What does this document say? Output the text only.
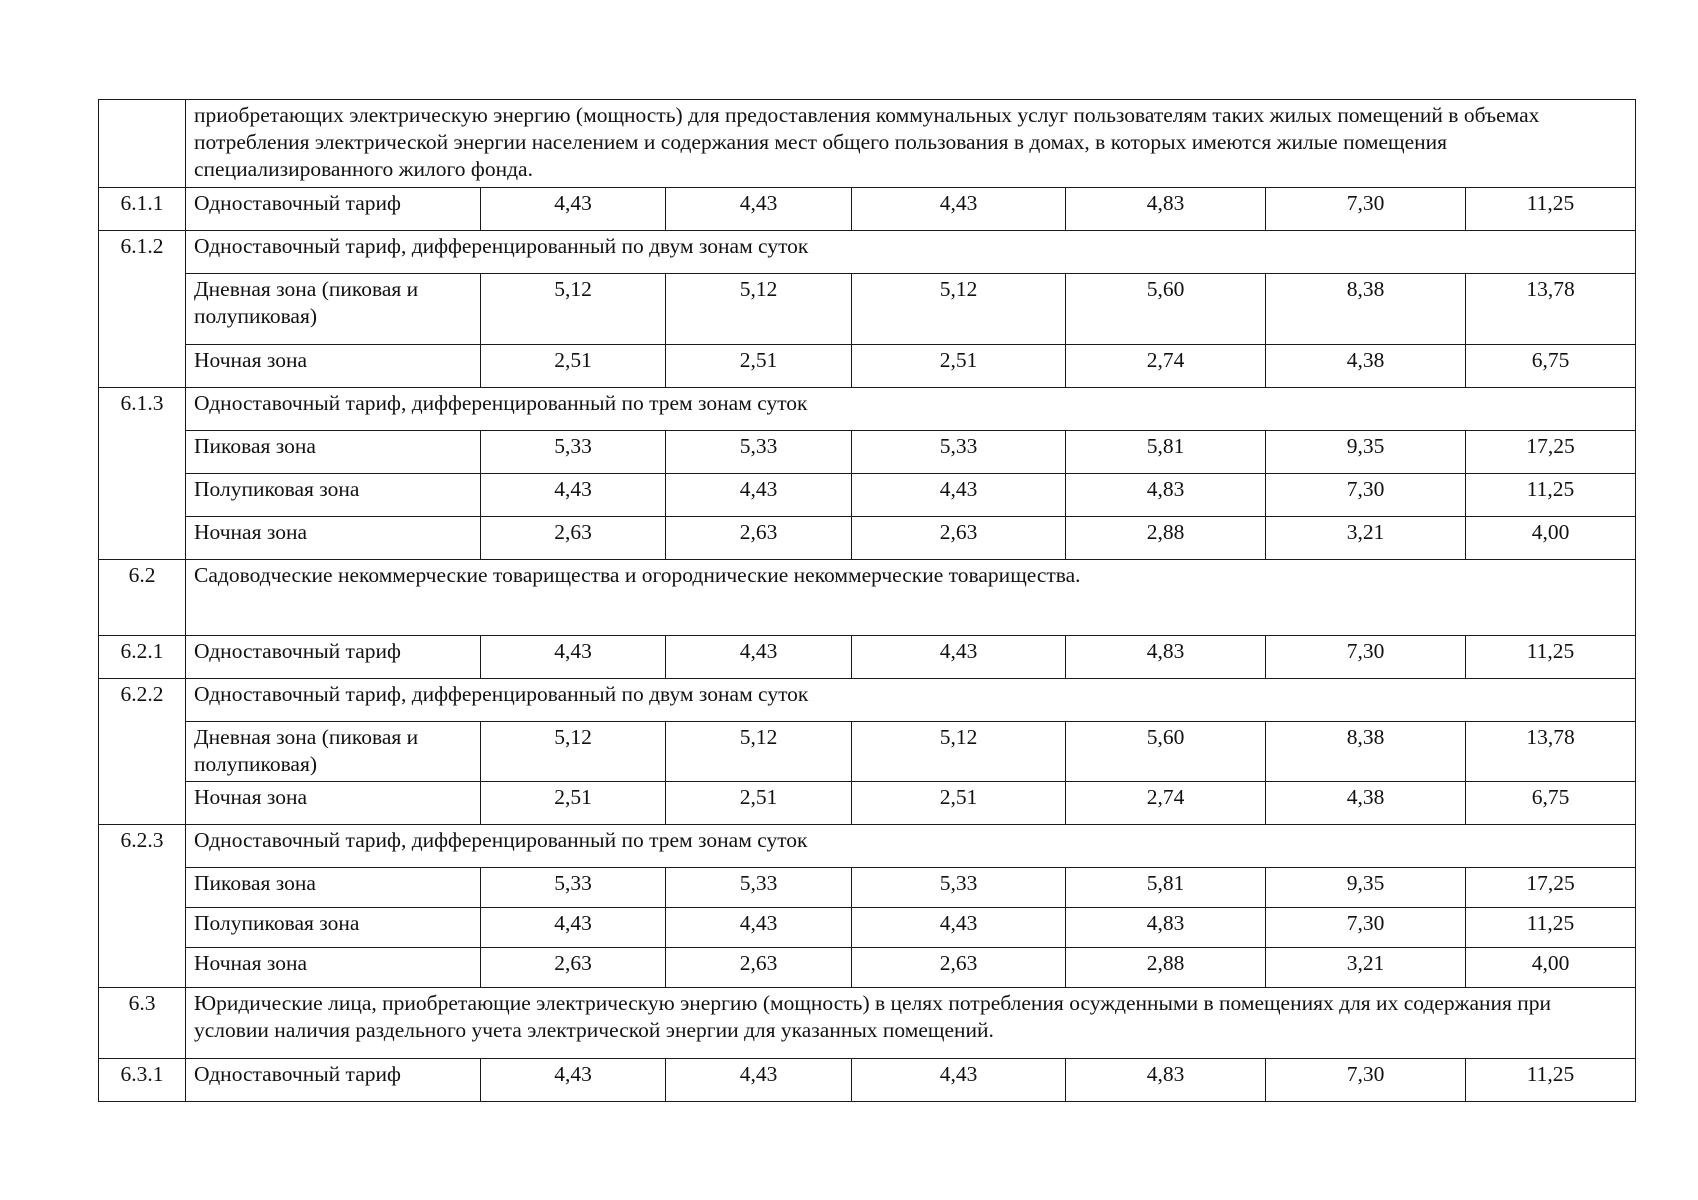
	приобретающих электрическую энергию (мощность) для предоставления коммунальных услуг пользователям таких жилых помещений в объемах потребления электрической энергии населением и содержания мест общего пользования в домах, в которых имеются жилые помещения специализированного жилого фонда.						
6.1.1	Одноставочный тариф	4,43	4,43	4,43	4,83	7,30	11,25
6.1.2	Одноставочный тариф, дифференцированный по двум зонам суток						
	Дневная зона (пиковая и полупиковая)	5,12	5,12	5,12	5,60	8,38	13,78
	Ночная зона	2,51	2,51	2,51	2,74	4,38	6,75
6.1.3	Одноставочный тариф, дифференцированный по трем зонам суток						
	Пиковая зона	5,33	5,33	5,33	5,81	9,35	17,25
	Полупиковая зона	4,43	4,43	4,43	4,83	7,30	11,25
	Ночная зона	2,63	2,63	2,63	2,88	3,21	4,00
6.2	Садоводческие некоммерческие товарищества и огороднические некоммерческие товарищества.						
6.2.1	Одноставочный тариф	4,43	4,43	4,43	4,83	7,30	11,25
6.2.2	Одноставочный тариф, дифференцированный по двум зонам суток						
	Дневная зона (пиковая и полупиковая)	5,12	5,12	5,12	5,60	8,38	13,78
	Ночная зона	2,51	2,51	2,51	2,74	4,38	6,75
6.2.3	Одноставочный тариф, дифференцированный по трем зонам суток						
	Пиковая зона	5,33	5,33	5,33	5,81	9,35	17,25
	Полупиковая зона	4,43	4,43	4,43	4,83	7,30	11,25
	Ночная зона	2,63	2,63	2,63	2,88	3,21	4,00
6.3	Юридические лица, приобретающие электрическую энергию (мощность) в целях потребления осужденными в помещениях для их содержания при условии наличия раздельного учета электрической энергии для указанных помещений.						
6.3.1	Одноставочный тариф	4,43	4,43	4,43	4,83	7,30	11,25
